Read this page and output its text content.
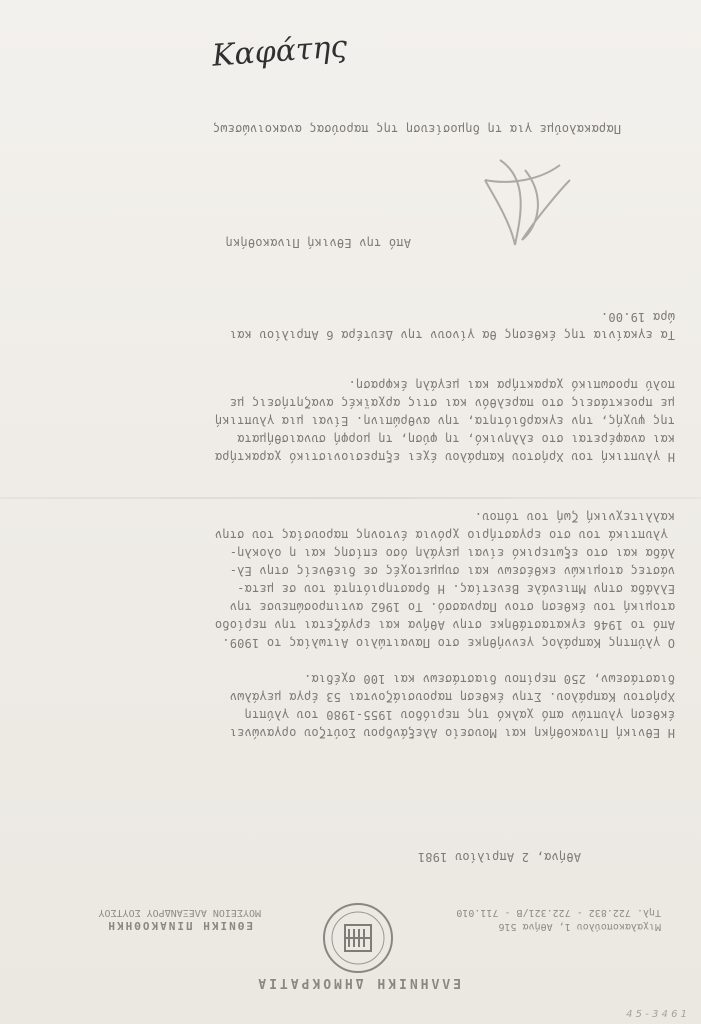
ΕΛΛΗΝΙΚΗ ΔΗΜΟΚΡΑΤΙΑ
ΕΘΝΙΚΗ ΠΙΝΑΚΟΘΗΚΗ
ΜΟΥΣΕΙΟΝ ΑΛΕΞΑΝΔΡΟΥ ΣΟΥΤΣΟΥ
Μιχαλακοπούλου 1, Αθήνα 516
Τηλ. 722.832 - 722.321/Β - 711.010
Αθήνα, 2 Απριλίου 1981
Η Εθνική Πινακοθήκη και Μουσείο Αλεξάνδρου Σούτζου οργανώνει
έκθεση γλυπτών από χαλκό της περιόδου 1955-1980 του γλύπτη
Χρήστου Καπράλου. Στην έκθεση παρουσιάζονται 53 έργα μεγάλων
διαστάσεων, 250 περίπου διαστάσεων και 100 σχέδια.
Ο γλύπτης Καπράλος γεννήθηκε στο Παναιτώλιο Αιτωλίας το 1909.
Από το 1946 εγκαταστάθηκε στην Αθήνα και εργάζεται την περίοδο
ατομική του έκθεση στον Παρνασσό. Το 1962 αντιπροσώπευσε την
Ελλάδα στην Μπιενάλε Βενετίας. Η δραστηριότητά του σε μετα-
νάστες ατομικών εκθέσεων και συμμετοχές σε διεθνείς στην Ελ-
λάδα και στο εξωτερικό είναι μεγάλη όσο επίσης και η ολοκλη-
γλυπτικά του στο εργαστήριο χρόνια έντονης παρουσίας του στην
καλλιτεχνική ζωή του τόπου.
Η γλυπτική του Χρήστου Καπράλου έχει εξπρεσιονιστικό χαρακτήρα
και αναφέρεται στο ελληνικό, τη φύση, τη μορφή συναισθήματα
της ψυχής, την εγκαρδιότητα, την ανθρώπινη. Είναι μια γλυπτική
με προεκτάσεις στο παρελθόν και στις αρχαϊκές αναζητήσεις με
πολύ προσωπικό χαρακτήρα και μεγάλη έκφραση.
Τα εγκαίνια της έκθεσης θα γίνουν την Δευτέρα 6 Απριλίου και
ώρα 19.00.
Από την Εθνική Πινακοθήκη
Παρακαλούμε για τη δημοσίευση της παρούσας ανακοινώσεως
Καφάτης
4 5 - 3 4 6 1
